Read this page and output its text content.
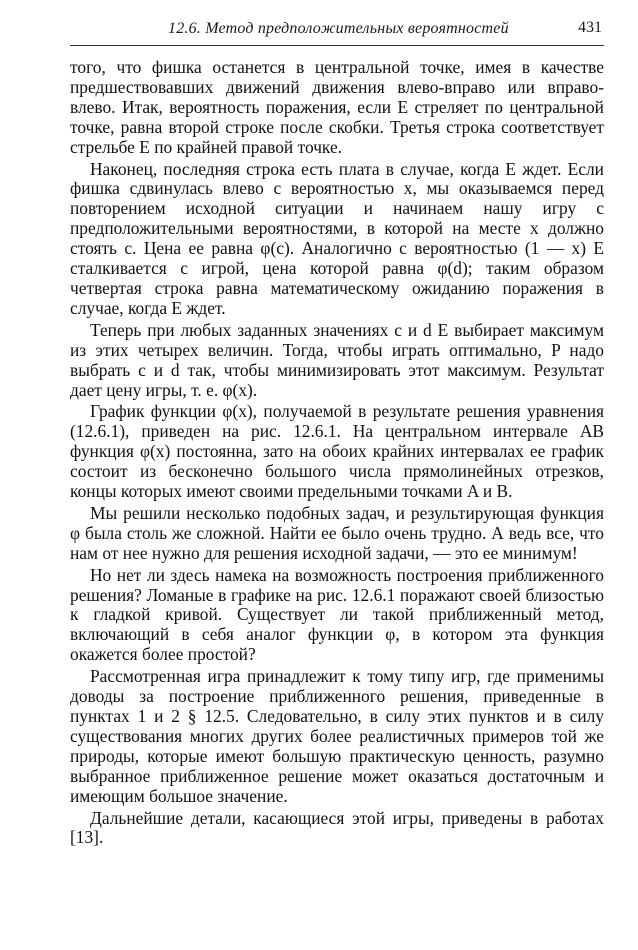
12.6. Метод предположительных вероятностей	431

того, что фишка останется в центральной точке, имея в качестве предшествовавших движений движения влево-вправо или вправо-влево. Итак, вероятность поражения, если E стреляет по центральной точке, равна второй строке после скобки. Третья строка соответствует стрельбе E по крайней правой точке.

Наконец, последняя строка есть плата в случае, когда E ждет. Если фишка сдвинулась влево с вероятностью x, мы оказываемся перед повторением исходной ситуации и начинаем нашу игру с предположительными вероятностями, в которой на месте x должно стоять c. Цена ее равна φ(c). Аналогично с вероятностью (1 — x) E сталкивается с игрой, цена которой равна φ(d); таким образом четвертая строка равна математическому ожиданию поражения в случае, когда E ждет.

Теперь при любых заданных значениях c и d E выбирает максимум из этих четырех величин. Тогда, чтобы играть оптимально, P надо выбрать c и d так, чтобы минимизировать этот максимум. Результат дает цену игры, т. е. φ(x).

График функции φ(x), получаемой в результате решения уравнения (12.6.1), приведен на рис. 12.6.1. На центральном интервале AB функция φ(x) постоянна, зато на обоих крайних интервалах ее график состоит из бесконечно большого числа прямолинейных отрезков, концы которых имеют своими предельными точками A и B.

Мы решили несколько подобных задач, и результирующая функция φ была столь же сложной. Найти ее было очень трудно. А ведь все, что нам от нее нужно для решения исходной задачи, — это ее минимум!

Но нет ли здесь намека на возможность построения приближенного решения? Ломаные в графике на рис. 12.6.1 поражают своей близостью к гладкой кривой. Существует ли такой приближенный метод, включающий в себя аналог функции φ, в котором эта функция окажется более простой?

Рассмотренная игра принадлежит к тому типу игр, где применимы доводы за построение приближенного решения, приведенные в пунктах 1 и 2 § 12.5. Следовательно, в силу этих пунктов и в силу существования многих других более реалистичных примеров той же природы, которые имеют большую практическую ценность, разумно выбранное приближенное решение может оказаться достаточным и имеющим большое значение.

Дальнейшие детали, касающиеся этой игры, приведены в работах [13].
